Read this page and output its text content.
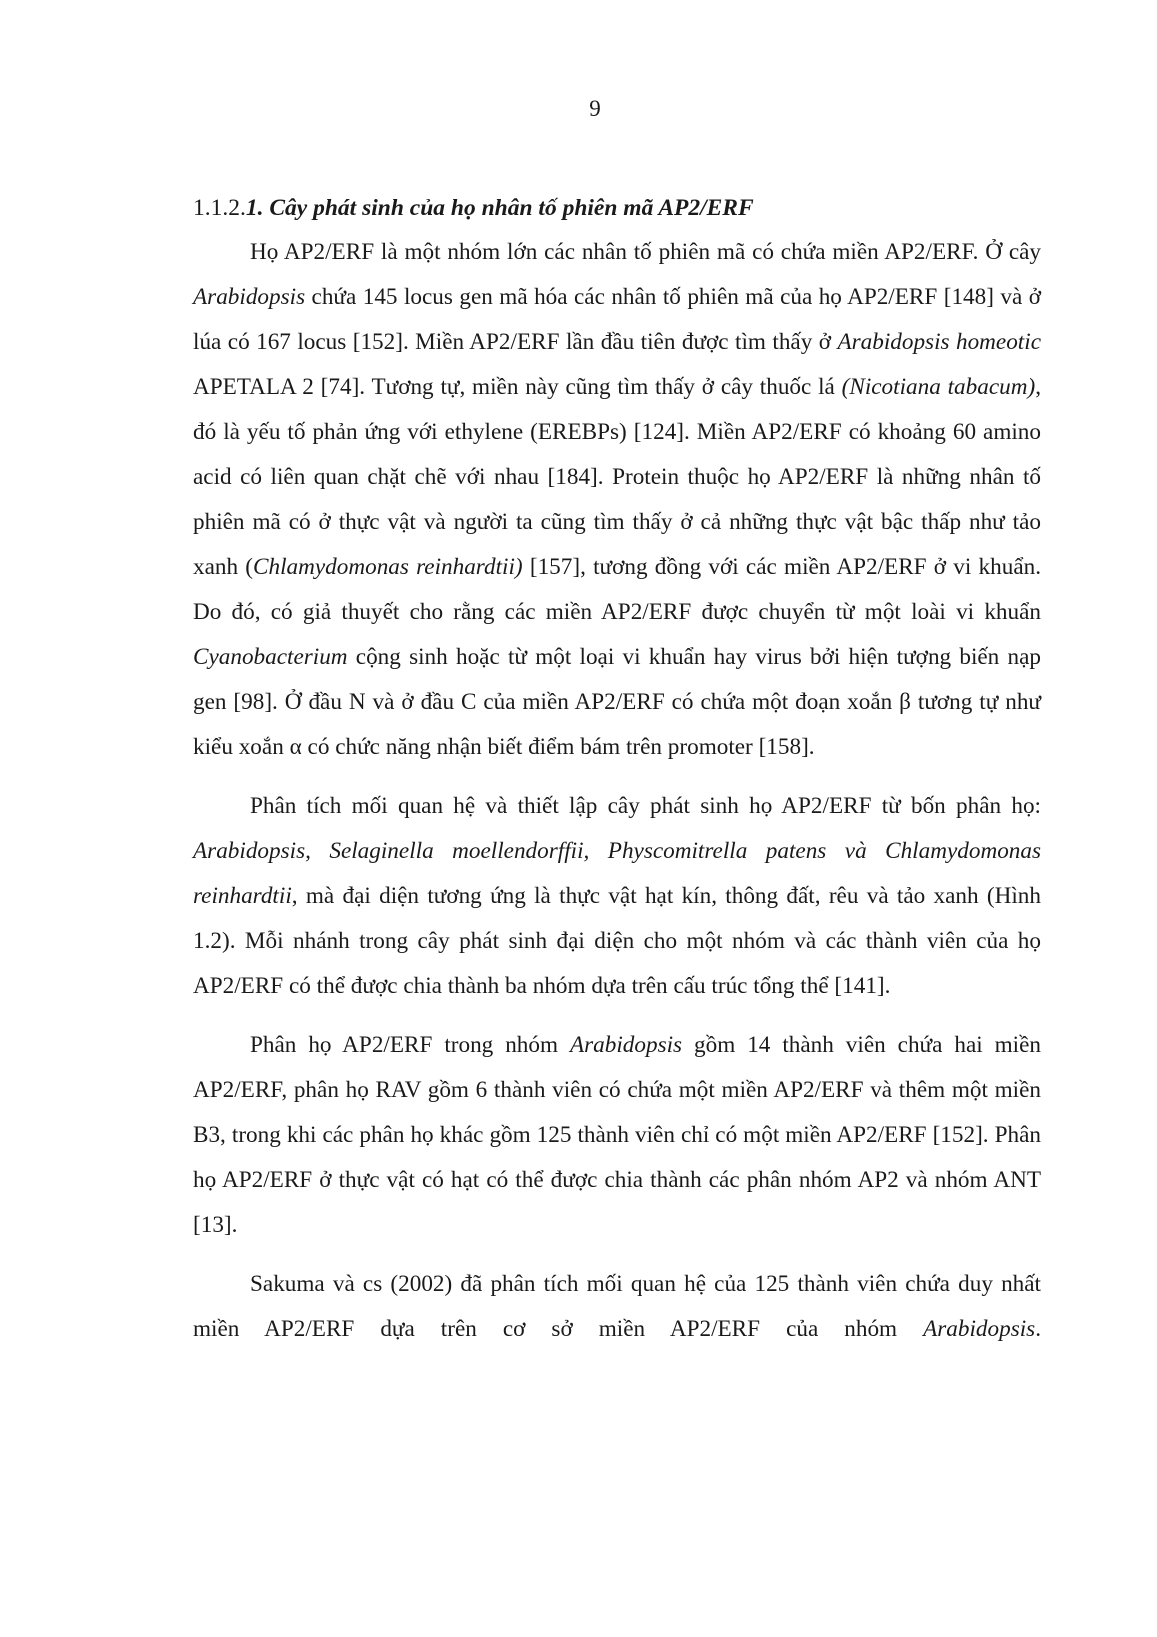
9
1.1.2.1. Cây phát sinh của họ nhân tố phiên mã AP2/ERF

Họ AP2/ERF là một nhóm lớn các nhân tố phiên mã có chứa miền AP2/ERF. Ở cây Arabidopsis chứa 145 locus gen mã hóa các nhân tố phiên mã của họ AP2/ERF [148] và ở lúa có 167 locus [152]. Miền AP2/ERF lần đầu tiên được tìm thấy ở Arabidopsis homeotic APETALA 2 [74]. Tương tự, miền này cũng tìm thấy ở cây thuốc lá (Nicotiana tabacum), đó là yếu tố phản ứng với ethylene (EREBPs) [124]. Miền AP2/ERF có khoảng 60 amino acid có liên quan chặt chẽ với nhau [184]. Protein thuộc họ AP2/ERF là những nhân tố phiên mã có ở thực vật và người ta cũng tìm thấy ở cả những thực vật bậc thấp như tảo xanh (Chlamydomonas reinhardtii) [157], tương đồng với các miền AP2/ERF ở vi khuẩn. Do đó, có giả thuyết cho rằng các miền AP2/ERF được chuyển từ một loài vi khuẩn Cyanobacterium cộng sinh hoặc từ một loại vi khuẩn hay virus bởi hiện tượng biến nạp gen [98]. Ở đầu N và ở đầu C của miền AP2/ERF có chứa một đoạn xoắn β tương tự như kiểu xoắn α có chức năng nhận biết điểm bám trên promoter [158].

Phân tích mối quan hệ và thiết lập cây phát sinh họ AP2/ERF từ bốn phân họ: Arabidopsis, Selaginella moellendorffii, Physcomitrella patens và Chlamydomonas reinhardtii, mà đại diện tương ứng là thực vật hạt kín, thông đất, rêu và tảo xanh (Hình 1.2). Mỗi nhánh trong cây phát sinh đại diện cho một nhóm và các thành viên của họ AP2/ERF có thể được chia thành ba nhóm dựa trên cấu trúc tổng thể [141].

Phân họ AP2/ERF trong nhóm Arabidopsis gồm 14 thành viên chứa hai miền AP2/ERF, phân họ RAV gồm 6 thành viên có chứa một miền AP2/ERF và thêm một miền B3, trong khi các phân họ khác gồm 125 thành viên chỉ có một miền AP2/ERF [152]. Phân họ AP2/ERF ở thực vật có hạt có thể được chia thành các phân nhóm AP2 và nhóm ANT [13].

Sakuma và cs (2002) đã phân tích mối quan hệ của 125 thành viên chứa duy nhất miền AP2/ERF dựa trên cơ sở miền AP2/ERF của nhóm Arabidopsis.
